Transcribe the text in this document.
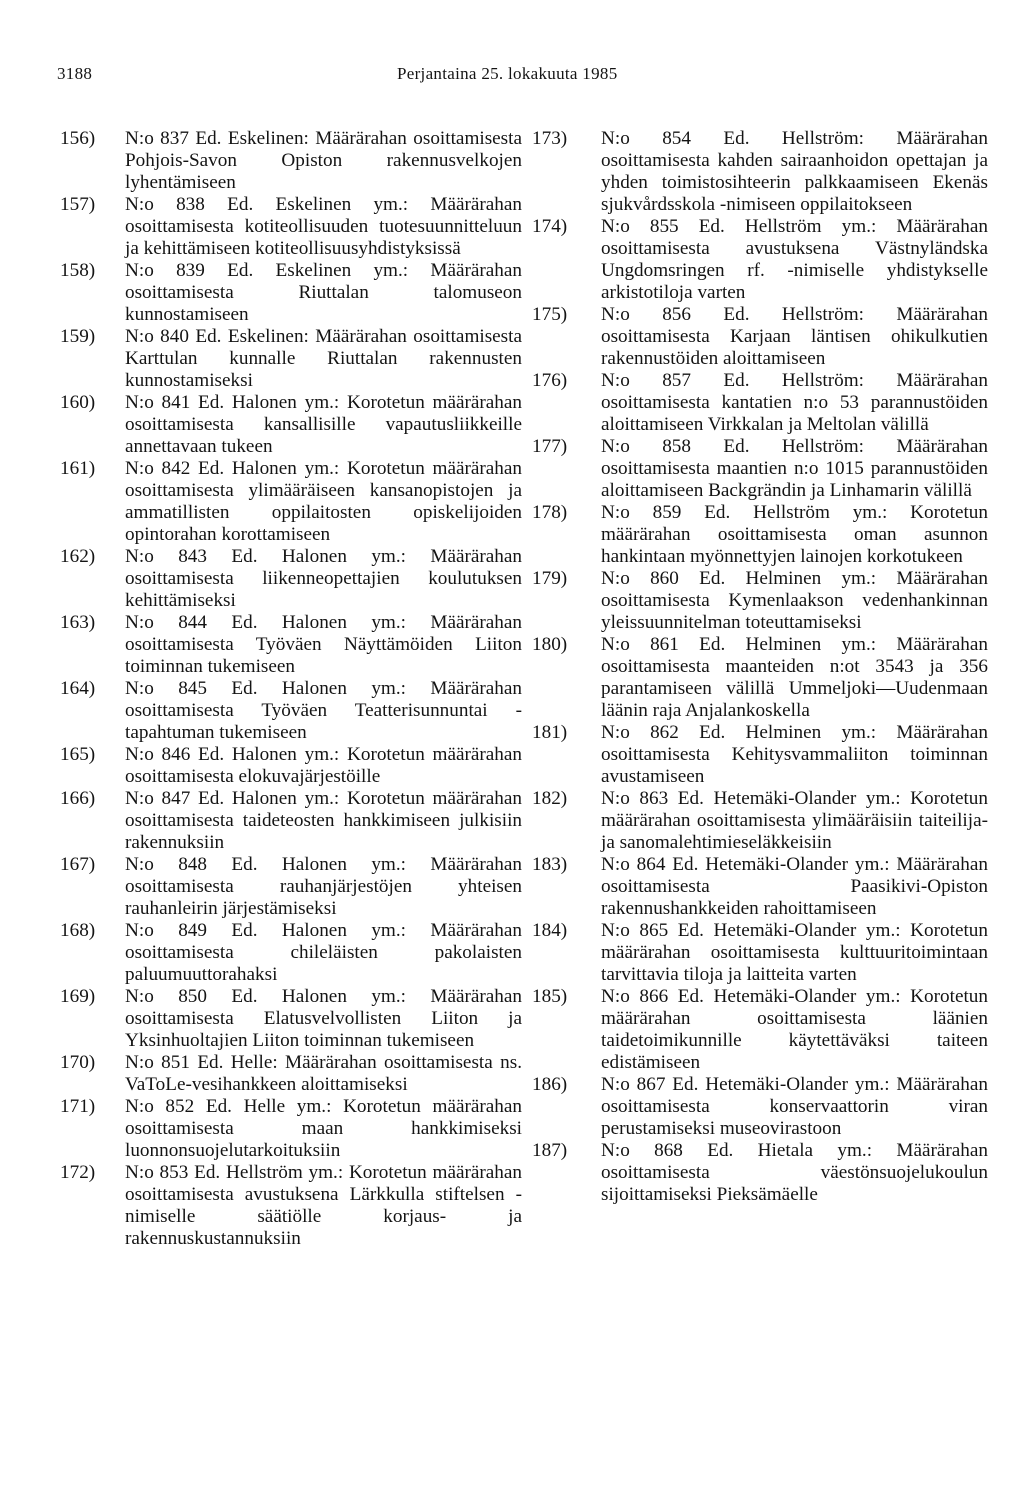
3188	Perjantaina 25. lokakuuta 1985
156)	N:o 837 Ed. Eskelinen: Määrärahan osoittamisesta Pohjois-Savon Opiston rakennusvelkojen lyhentämiseen
157)	N:o 838 Ed. Eskelinen ym.: Määrärahan osoittamisesta kotiteollisuuden tuotesuunnitteluun ja kehittämiseen kotiteollisuusyhdistyksissä
158)	N:o 839 Ed. Eskelinen ym.: Määrärahan osoittamisesta Riuttalan talomuseon kunnostamiseen
159)	N:o 840 Ed. Eskelinen: Määrärahan osoittamisesta Karttulan kunnalle Riuttalan rakennusten kunnostamiseksi
160)	N:o 841 Ed. Halonen ym.: Korotetun määrärahan osoittamisesta kansallisille vapautusliikkeille annettavaan tukeen
161)	N:o 842 Ed. Halonen ym.: Korotetun määrärahan osoittamisesta ylimääräiseen kansanopistojen ja ammatillisten oppilaitosten opiskelijoiden opintorahan korottamiseen
162)	N:o 843 Ed. Halonen ym.: Määrärahan osoittamisesta liikenneopettajien koulutuksen kehittämiseksi
163)	N:o 844 Ed. Halonen ym.: Määrärahan osoittamisesta Työväen Näyttämöiden Liiton toiminnan tukemiseen
164)	N:o 845 Ed. Halonen ym.: Määrärahan osoittamisesta Työväen Teatterisunnuntai -tapahtuman tukemiseen
165)	N:o 846 Ed. Halonen ym.: Korotetun määrärahan osoittamisesta elokuvajärjestöille
166)	N:o 847 Ed. Halonen ym.: Korotetun määrärahan osoittamisesta taideteosten hankkimiseen julkisiin rakennuksiin
167)	N:o 848 Ed. Halonen ym.: Määrärahan osoittamisesta rauhanjärjestöjen yhteisen rauhanleirin järjestämiseksi
168)	N:o 849 Ed. Halonen ym.: Määrärahan osoittamisesta chileläisten pakolaisten paluumuuttorahaksi
169)	N:o 850 Ed. Halonen ym.: Määrärahan osoittamisesta Elatusvelvollisten Liiton ja Yksinhuoltajien Liiton toiminnan tukemiseen
170)	N:o 851 Ed. Helle: Määrärahan osoittamisesta ns. VaToLe-vesihankkeen aloittamiseksi
171)	N:o 852 Ed. Helle ym.: Korotetun määrärahan osoittamisesta maan hankkimiseksi luonnonsuojelutarkoituksiin
172)	N:o 853 Ed. Hellström ym.: Korotetun määrärahan osoittamisesta avustuksena Lärkkulla stiftelsen -nimiselle säätiölle korjaus- ja rakennuskustannuksiin
173)	N:o 854 Ed. Hellström: Määrärahan osoittamisesta kahden sairaanhoidon opettajan ja yhden toimistosihteerin palkkaamiseen Ekenäs sjukvårdsskola -nimiseen oppilaitokseen
174)	N:o 855 Ed. Hellström ym.: Määrärahan osoittamisesta avustuksena Västnyländska Ungdomsringen rf. -nimiselle yhdistykselle arkistotiloja varten
175)	N:o 856 Ed. Hellström: Määrärahan osoittamisesta Karjaan läntisen ohikulkutien rakennustöiden aloittamiseen
176)	N:o 857 Ed. Hellström: Määrärahan osoittamisesta kantatien n:o 53 parannustöiden aloittamiseen Virkkalan ja Meltolan välillä
177)	N:o 858 Ed. Hellström: Määrärahan osoittamisesta maantien n:o 1015 parannustöiden aloittamiseen Backgrändin ja Linhamarin välillä
178)	N:o 859 Ed. Hellström ym.: Korotetun määrärahan osoittamisesta oman asunnon hankintaan myönnettyjen lainojen korkotukeen
179)	N:o 860 Ed. Helminen ym.: Määrärahan osoittamisesta Kymenlaakson vedenhankinnan yleissuunnitelman toteuttamiseksi
180)	N:o 861 Ed. Helminen ym.: Määrärahan osoittamisesta maanteiden n:ot 3543 ja 356 parantamiseen välillä Ummeljoki—Uudenmaan läänin raja Anjalankoskella
181)	N:o 862 Ed. Helminen ym.: Määrärahan osoittamisesta Kehitysvammaliiton toiminnan avustamiseen
182)	N:o 863 Ed. Hetemäki-Olander ym.: Korotetun määrärahan osoittamisesta ylimääräisiin taiteilija- ja sanomalehtimieseläkkeisiin
183)	N:o 864 Ed. Hetemäki-Olander ym.: Määrärahan osoittamisesta Paasikivi-Opiston rakennushankkeiden rahoittamiseen
184)	N:o 865 Ed. Hetemäki-Olander ym.: Korotetun määrärahan osoittamisesta kulttuuritoimintaan tarvittavia tiloja ja laitteita varten
185)	N:o 866 Ed. Hetemäki-Olander ym.: Korotetun määrärahan osoittamisesta läänien taidetoimikunnille käytettäväksi taiteen edistämiseen
186)	N:o 867 Ed. Hetemäki-Olander ym.: Määrärahan osoittamisesta konservaattorin viran perustamiseksi museovirastoon
187)	N:o 868 Ed. Hietala ym.: Määrärahan osoittamisesta väestönsuojelukoulun sijoittamiseksi Pieksämäelle
